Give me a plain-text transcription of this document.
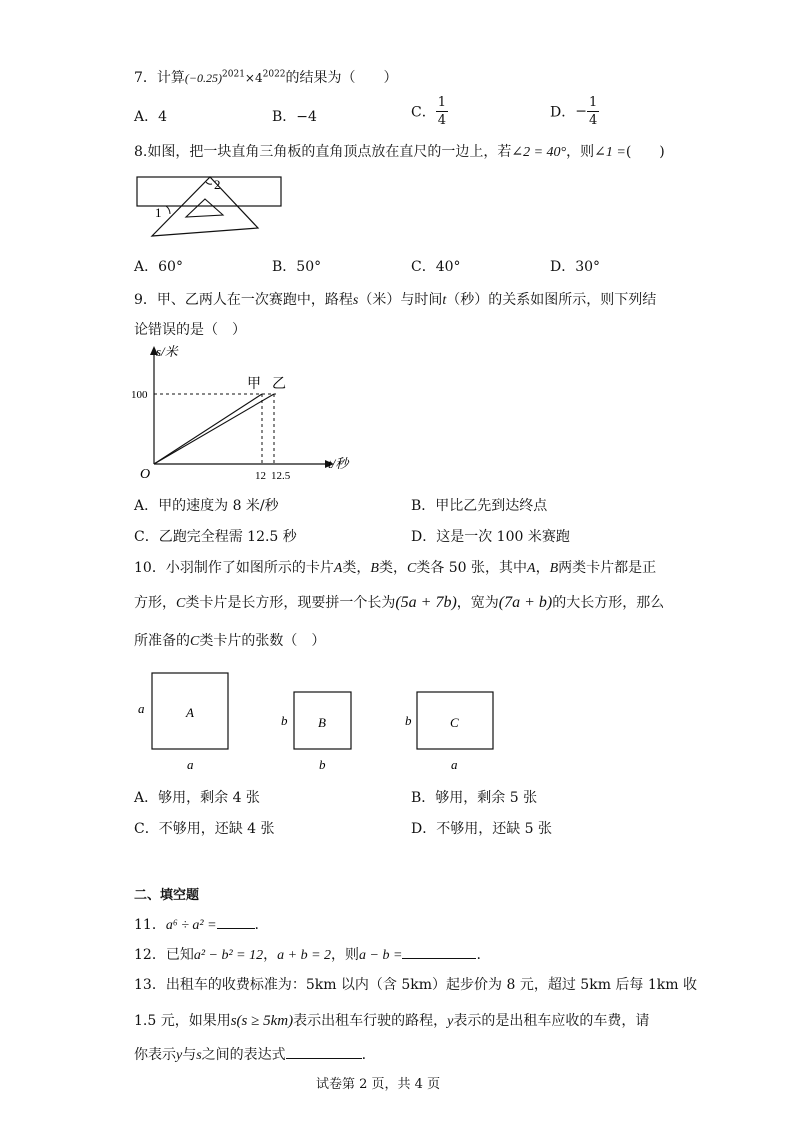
7．计算$(-0.25)^{2021}\times 4^{2022}$的结果为（　　）
A．4	B．−4	C． $\frac{1}{4}$	D．− $\frac{1}{4}$
8.如图，把一块直角三角板的直角顶点放在直尺的一边上，若∠2 = 40°，则∠1 =(　　)
1
2
A．60°	B．50°	C．40°	D．30°
9．甲、乙两人在一次赛跑中，路程s（米）与时间t（秒）的关系如图所示，则下列结
论错误的是（　）
s/米
t/秒
O
100
12 12.5
甲 乙
A．甲的速度为 8 米/秒	B．甲比乙先到达终点
C．乙跑完全程需 12.5 秒	D．这是一次 100 米赛跑
10．小羽制作了如图所示的卡片A类，B类，C类各 50 张，其中A，B两类卡片都是正
方形，C类卡片是长方形，现要拼一个长为(5a + 7b)，宽为(7a + b)的大长方形，那么
所准备的C类卡片的张数（　）
a	A
a
b B
b
b	C
a
A．够用，剩余 4 张	B．够用，剩余 5 张
C．不够用，还缺 4 张	D．不够用，还缺 5 张
二、填空题
11．a⁶ ÷ a² =	.
12．已知a² − b² = 12，a + b = 2，则a − b =	.
13．出租车的收费标准为：5km 以内（含 5km）起步价为 8 元，超过 5km 后每 1km 收
1.5 元，如果用s(s ≥ 5km)表示出租车行驶的路程，y表示的是出租车应收的车费，请
你表示y与s之间的表达式	.
试卷第 2 页，共 4 页
